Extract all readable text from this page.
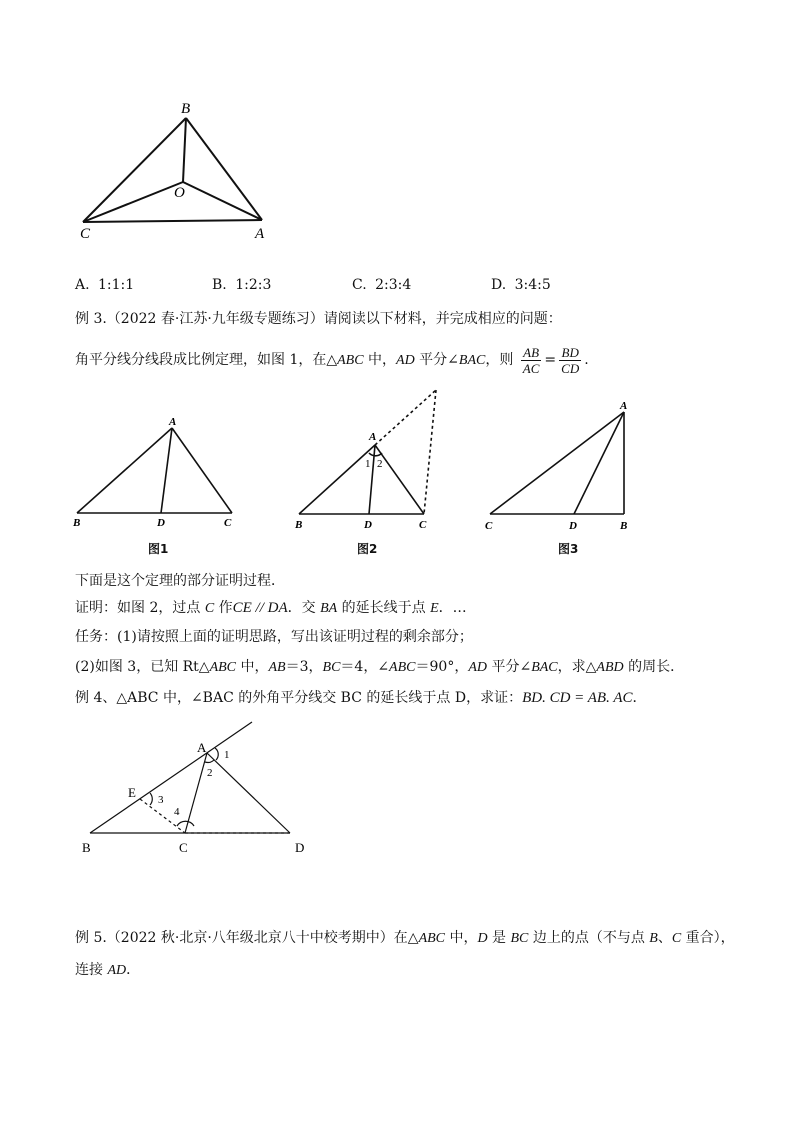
B
O
C	A
A. 1:1:1	B. 1:2:3	C. 2:3:4	D. 3:4:5
例 3.（2022 春·江苏·九年级专题练习）请阅读以下材料，并完成相应的问题：
角平分线分线段成比例定理，如图 1，在△ABC 中，AD 平分∠BAC，则 $\frac{AB}{AC} = \frac{BD}{CD}$ .
A
B	D	C
图1
A
1 2
B	D	C
图2
A
C	D	B
图3
下面是这个定理的部分证明过程．
证明：如图 2，过点 C 作CE // DA．交 BA 的延长线于点 E．…
任务：(1)请按照上面的证明思路，写出该证明过程的剩余部分；
(2)如图 3，已知 Rt△ABC 中，AB＝3，BC＝4，∠ABC＝90°，AD 平分∠BAC，求△ABD 的周长．
例 4、△ABC 中，∠BAC 的外角平分线交 BC 的延长线于点 D，求证：BD. CD = AB. AC．
A 1
2
E 3
4
B	C	D
例 5.（2022 秋·北京·八年级北京八十中校考期中）在△ABC 中，D 是 BC 边上的点（不与点 B、C 重合），
连接 AD．
